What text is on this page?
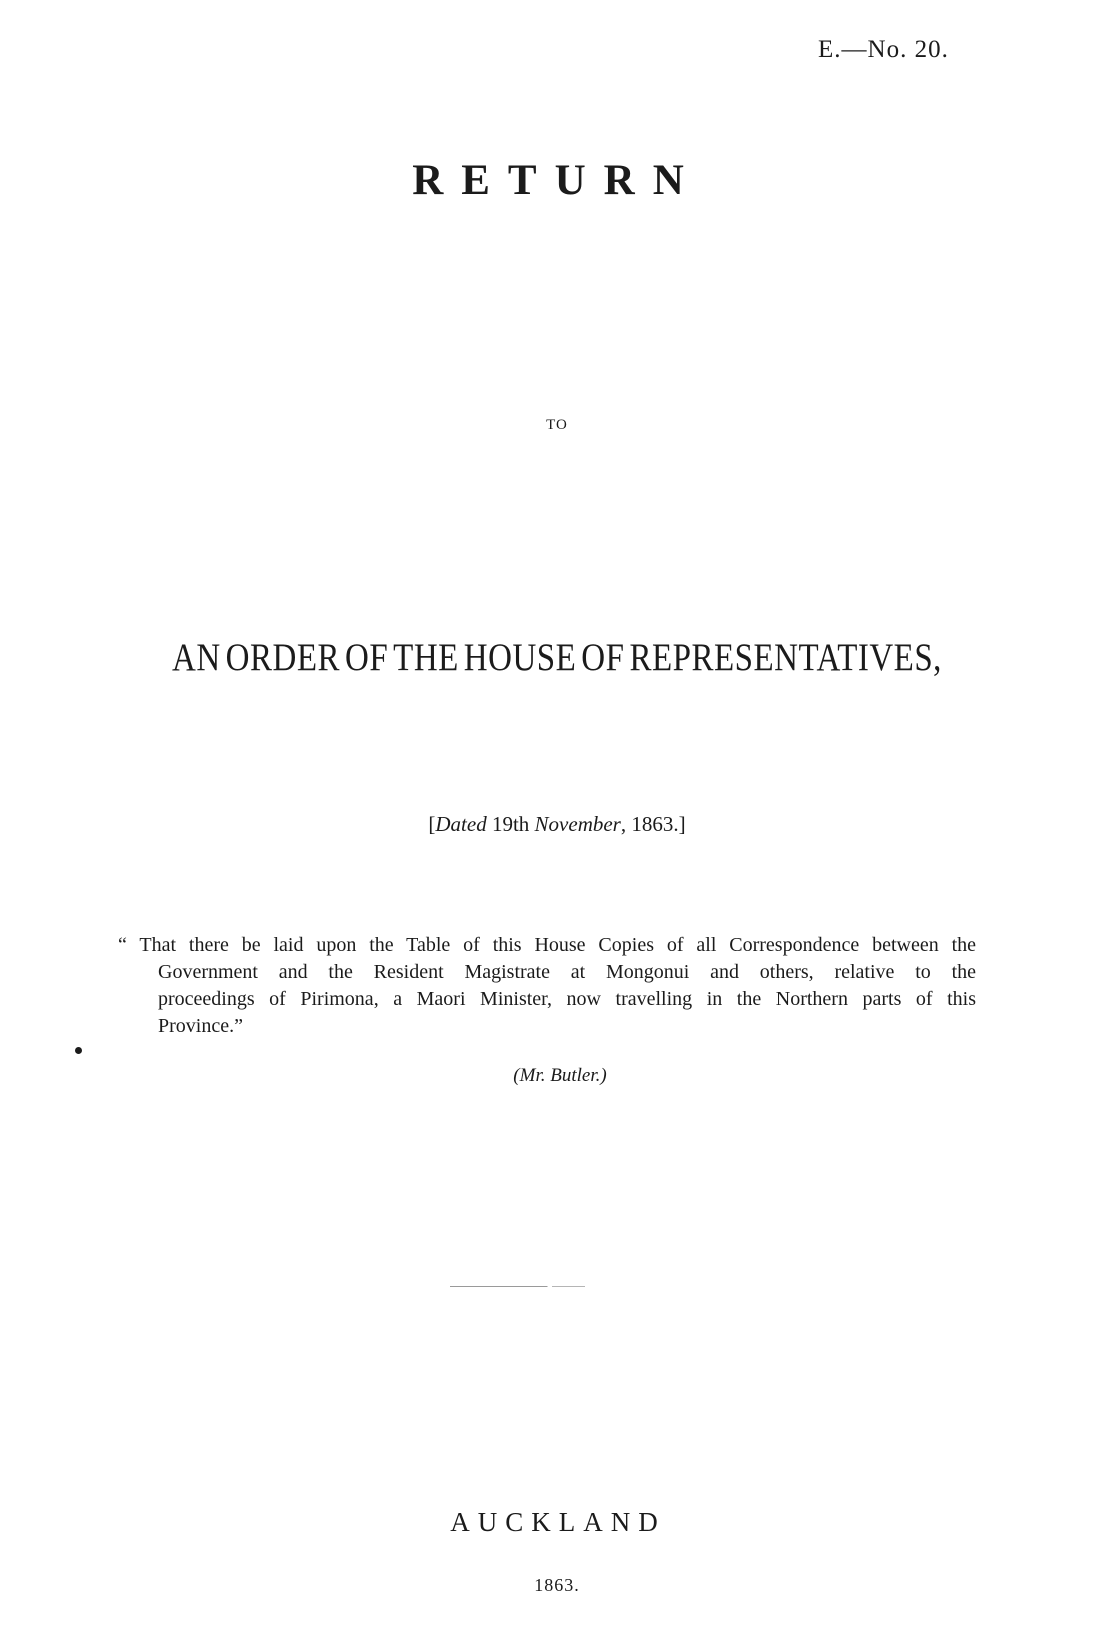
E.—No. 20.
RETURN
TO
AN ORDER OF THE HOUSE OF REPRESENTATIVES,
[Dated 19th November, 1863.]
“ That there be laid upon the Table of this House Copies of all Correspondence between the
Government and the Resident Magistrate at Mongonui and others, relative to the
proceedings of Pirimona, a Maori Minister, now travelling in the Northern parts of this
Province.”
(Mr. Butler.)
AUCKLAND
1863.
